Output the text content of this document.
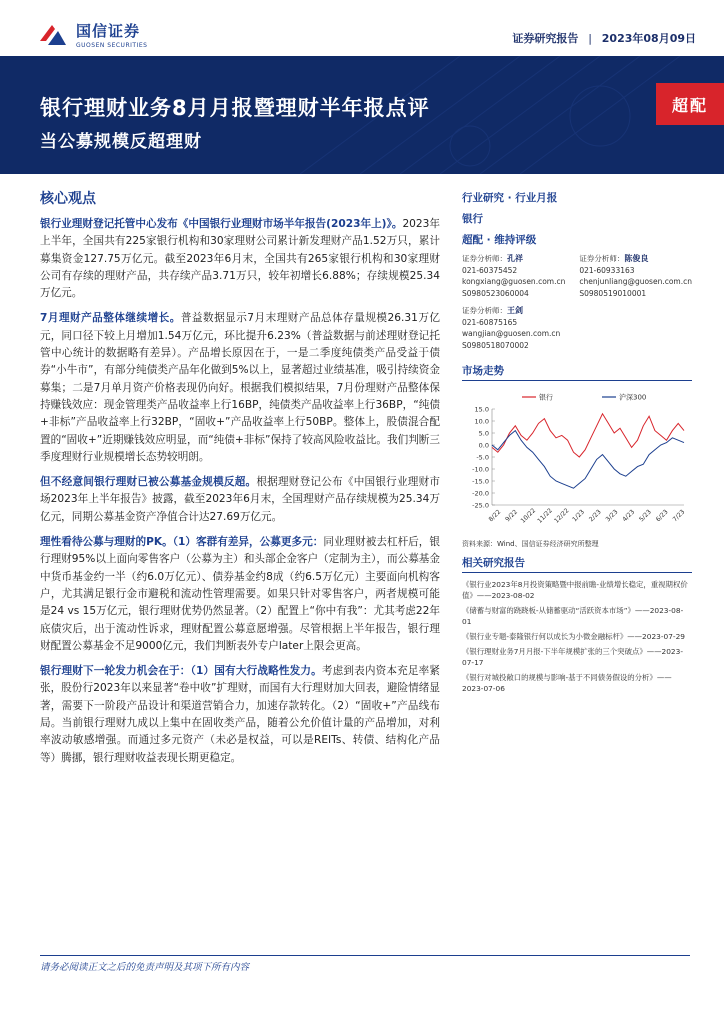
国信证券
GUOSEN SECURITIES
证券研究报告 | 2023年08月09日
银行理财业务8月月报暨理财半年报点评
当公募规模反超理财
超配
核心观点

银行业理财登记托管中心发布《中国银行业理财市场半年报告(2023年上)》。2023年上半年，全国共有225家银行机构和30家理财公司累计新发理财产品1.52万只，累计募集资金127.75万亿元。截至2023年6月末，全国共有265家银行机构和30家理财公司有存续的理财产品，共存续产品3.71万只，较年初增长6.88%；存续规模25.34万亿元。

7月理财产品整体继续增长。普益数据显示7月末理财产品总体存量规模26.31万亿元，同口径下较上月增加1.54万亿元，环比提升6.23%（普益数据与前述理财登记托管中心统计的数据略有差异）。产品增长原因在于，一是二季度纯债类产品受益于债券“小牛市”，有部分纯债类产品年化做到5%以上，显著超过业绩基准，吸引持续资金募集；二是7月单月资产价格表现仍向好。根据我们模拟结果，7月份理财产品整体保持赚钱效应：现金管理类产品收益率上行16BP，纯债类产品收益率上行36BP，“纯债+非标”产品收益率上行32BP，“固收+”产品收益率上行50BP。整体上，股债混合配置的“固收+”近期赚钱效应明显，而“纯债+非标”保持了较高风险收益比。我们判断三季度理财行业规模增长态势较明朗。

但不经意间银行理财已被公募基金规模反超。根据理财登记公布《中国银行业理财市场2023年上半年报告》披露，截至2023年6月末，全国理财产品存续规模为25.34万亿元，同期公募基金资产净值合计达27.69万亿元。

理性看待公募与理财的PK。（1）客群有差异，公募更多元：同业理财被去杠杆后，银行理财95%以上面向零售客户（公募为主）和头部企金客户（定制为主），而公募基金中货币基金约一半（约6.0万亿元）、债券基金约8成（约6.5万亿元）主要面向机构客户，尤其满足银行金市避税和流动性管理需要。如果只针对零售客户，两者规模可能是24 vs 15万亿元，银行理财优势仍然显著。（2）配置上“你中有我”：尤其考虑22年底债灾后，出于流动性诉求，理财配置公募意愿增强。尽管根据上半年报告，银行理财配置公募基金不足9000亿元，我们判断表外专户later上限会更高。

银行理财下一轮发力机会在于：（1）国有大行战略性发力。考虑到表内资本充足率紧张，股份行2023年以来显著“卷中收”扩理财，而国有大行理财加大回表，避险情绪显著，需要下一阶段产品设计和渠道营销合力，加速存款转化。（2）“固收+”产品线布局。当前银行理财九成以上集中在固收类产品，随着公允价值计量的产品增加，对利率波动敏感增强。而通过多元资产（未必是权益，可以是REITs、转债、结构化产品等）腾挪，银行理财收益表现长期更稳定。

行业研究 · 行业月报
银行
超配 · 维持评级
证券分析师：孔祥
021-60375452
kongxiang@guosen.com.cn
S0980523060004
证券分析师：陈俊良
021-60933163
chenjunliang@guosen.com.cn
S0980519010001
证券分析师：王剑
021-60875165
wangjian@guosen.com.cn
S0980518070002
市场走势
15.0
10.0
5.0
0.0
-5.0
-10.0
-15.0
-20.0
-25.0
8/22 9/22 10/22 11/22 12/22 1/23 2/23 3/23 4/23 5/23 6/23 7/23
银行	沪深300
资料来源：Wind、国信证券经济研究所整理
相关研究报告
《银行业2023年8月投资策略暨中报前瞻-业绩增长稳定，重视期权价值》——2023-08-02
《储蓄与财富的跷跷板-从储蓄驱动“活跃资本市场”》——2023-08-01
《银行业专题-泰隆银行何以成长为小微金融标杆》——2023-07-29
《银行理财业务7月月报-下半年规模扩张的三个突破点》——2023-07-17
《银行对城投敞口的规模与影响-基于不同债务假设的分析》——2023-07-06
请务必阅读正文之后的免责声明及其项下所有内容
